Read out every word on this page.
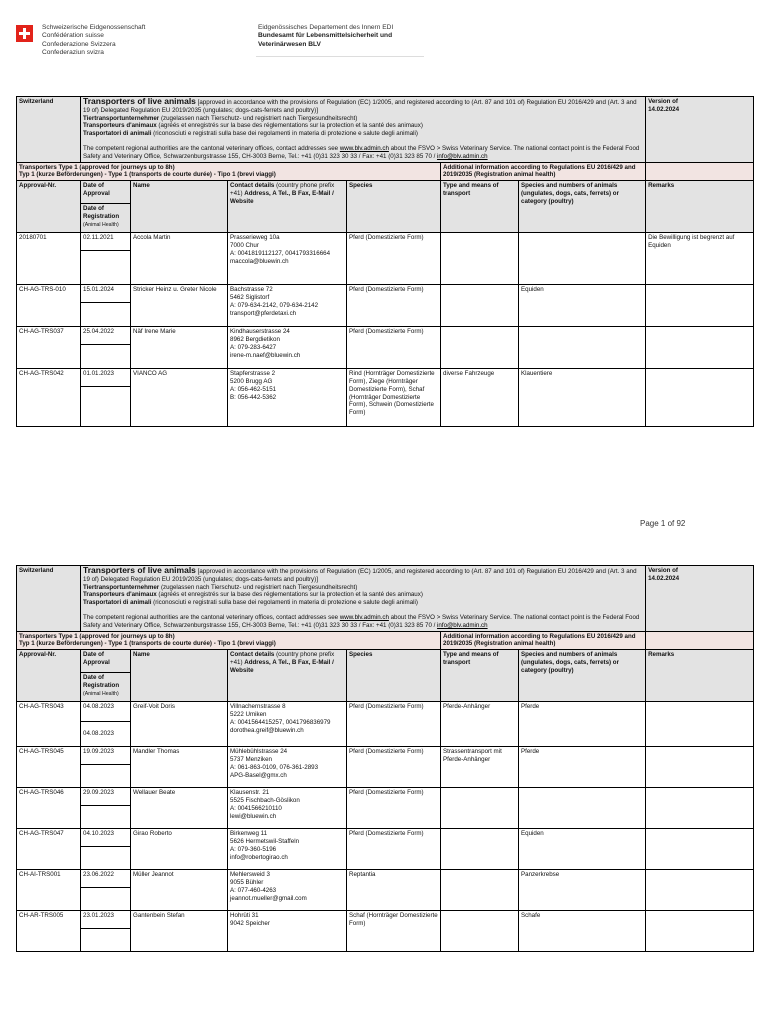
Schweizerische Eidgenossenschaft
Confédération suisse
Confederazione Svizzera
Confederaziun svizra
Eidgenössisches Departement des Innern EDI
Bundesamt für Lebensmittelsicherheit und Veterinärwesen BLV
Switzerland	Transporters of live animals [approved in accordance with the provisions of Regulation (EC) 1/2005, and registered according to (Art. 87 and 101 of) Regulation EU 2016/429 and (Art. 3 and 19 of) Delegated Regulation EU 2019/2035 (ungulates; dogs-cats-ferrets and poultry)]
Tiertransportunternehmer (zugelassen nach Tierschutz- und registriert nach Tiergesundheitsrecht)
Transporteurs d'animaux (agréés et enregistrés sur la base des réglementations sur la protection et la santé des animaux)
Trasportatori di animali (riconosciuti e registrati sulla base dei regolamenti in materia di protezione e salute degli animali)
The competent regional authorities are the cantonal veterinary offices, contact addresses see www.blv.admin.ch about the FSVO > Swiss Veterinary Service. The national contact point is the Federal Food Safety and Veterinary Office, Schwarzenburgstrasse 155, CH-3003 Berne, Tel.: +41 (0)31 323 30 33 / Fax: +41 (0)31 323 85 70 / info@blv.admin.ch						Version of
14.02.2024

Transporters Type 1 (approved for journeys up to 8h)
Typ 1 (kurze Beförderungen) - Type 1 (transports de courte durée) - Tipo 1 (brevi viaggi)					Additional information according to Regulations EU 2016/429 and 2019/2035 (Registration animal health)		
Approval-Nr.	Date of Approval	Name	Contact details (country phone prefix +41) Address, A Tel., B Fax, E-Mail / Website	Species	Type and means of transport	Species and numbers of animals (ungulates, dogs, cats, ferrets) or category (poultry)	Remarks
	Date of Registration
(Animal Health)						
20180701	02.11.2021	Accola Martin	Prasserieweg 10a
7000 Chur
A: 0041819112127, 0041793316664
maccola@bluewin.ch	Pferd (Domestizierte Form)			Die Bewilligung ist begrenzt auf Equiden

CH-AG-TRS-010	15.01.2024	Stricker Heinz u. Greter Nicole	Bachstrasse 72
5462 Siglistorf
A: 079-634-2142, 079-634-2142
transport@pferdetaxi.ch	Pferd (Domestizierte Form)		Equiden	

CH-AG-TRS037	25.04.2022	Näf Irene Marie	Kindhauserstrasse 24
8962 Bergdietikon
A: 079-283-6427
irene-m.naef@bluewin.ch	Pferd (Domestizierte Form)			

CH-AG-TRS042	01.01.2023	VIANCO AG	Stapferstrasse 2
5200 Brugg AG
A: 056-462-5151
B: 056-442-5362	Rind (Hornträger Domestizierte Form), Ziege (Hornträger Domestizierte Form), Schaf (Hornträger Domestizierte Form), Schwein (Domestizierte Form)	diverse Fahrzeuge	Klauentiere	

Page 1 of 92
Switzerland	Transporters of live animals [approved in accordance with the provisions of Regulation (EC) 1/2005, and registered according to (Art. 87 and 101 of) Regulation EU 2016/429 and (Art. 3 and 19 of) Delegated Regulation EU 2019/2035 (ungulates; dogs-cats-ferrets and poultry)]
Tiertransportunternehmer (zugelassen nach Tierschutz- und registriert nach Tiergesundheitsrecht)
Transporteurs d'animaux (agréés et enregistrés sur la base des réglementations sur la protection et la santé des animaux)
Trasportatori di animali (riconosciuti e registrati sulla base dei regolamenti in materia di protezione e salute degli animali)
The competent regional authorities are the cantonal veterinary offices, contact addresses see www.blv.admin.ch about the FSVO > Swiss Veterinary Service. The national contact point is the Federal Food Safety and Veterinary Office, Schwarzenburgstrasse 155, CH-3003 Berne, Tel.: +41 (0)31 323 30 33 / Fax: +41 (0)31 323 85 70 / info@blv.admin.ch						Version of
14.02.2024

Transporters Type 1 (approved for journeys up to 8h)
Typ 1 (kurze Beförderungen) - Type 1 (transports de courte durée) - Tipo 1 (brevi viaggi)					Additional information according to Regulations EU 2016/429 and 2019/2035 (Registration animal health)		
Approval-Nr.	Date of Approval	Name	Contact details (country phone prefix +41) Address, A Tel., B Fax, E-Mail / Website	Species	Type and means of transport	Species and numbers of animals (ungulates, dogs, cats, ferrets) or category (poultry)	Remarks
	Date of Registration
(Animal Health)						
CH-AG-TRS043	04.08.2023	Greif-Voit Doris	Villnachernstrasse 8
5222 Umiken
A: 0041564415257, 0041796836979
dorothea.greif@bluewin.ch	Pferd (Domestizierte Form)	Pferde-Anhänger	Pferde	
	04.08.2023						
CH-AG-TRS045	19.09.2023	Mandler Thomas	Mühlebühlstrasse 24
5737 Menziken
A: 061-863-0109, 076-361-2893
APG-Basel@gmx.ch	Pferd (Domestizierte Form)	Strassentransport mit Pferde-Anhänger	Pferde	

CH-AG-TRS046	29.09.2023	Wellauer Beate	Klausenstr. 21
5525 Fischbach-Göslikon
A: 0041566210110
lewi@bluewin.ch	Pferd (Domestizierte Form)			

CH-AG-TRS047	04.10.2023	Girao Roberto	Birkenweg 11
5626 Hermetswil-Staffeln
A: 079-360-5196
info@robertogirao.ch	Pferd (Domestizierte Form)		Equiden	

CH-AI-TRS001	23.06.2022	Müller Jeannot	Mehlersweid 3
9055 Bühler
A: 077-460-4263
jeannot.mueller@gmail.com	Reptantia		Panzerkrebse	

CH-AR-TRS005	23.01.2023	Gantenbein Stefan	Hohrüti 31
9042 Speicher	Schaf (Hornträger Domestizierte Form)		Schafe	
